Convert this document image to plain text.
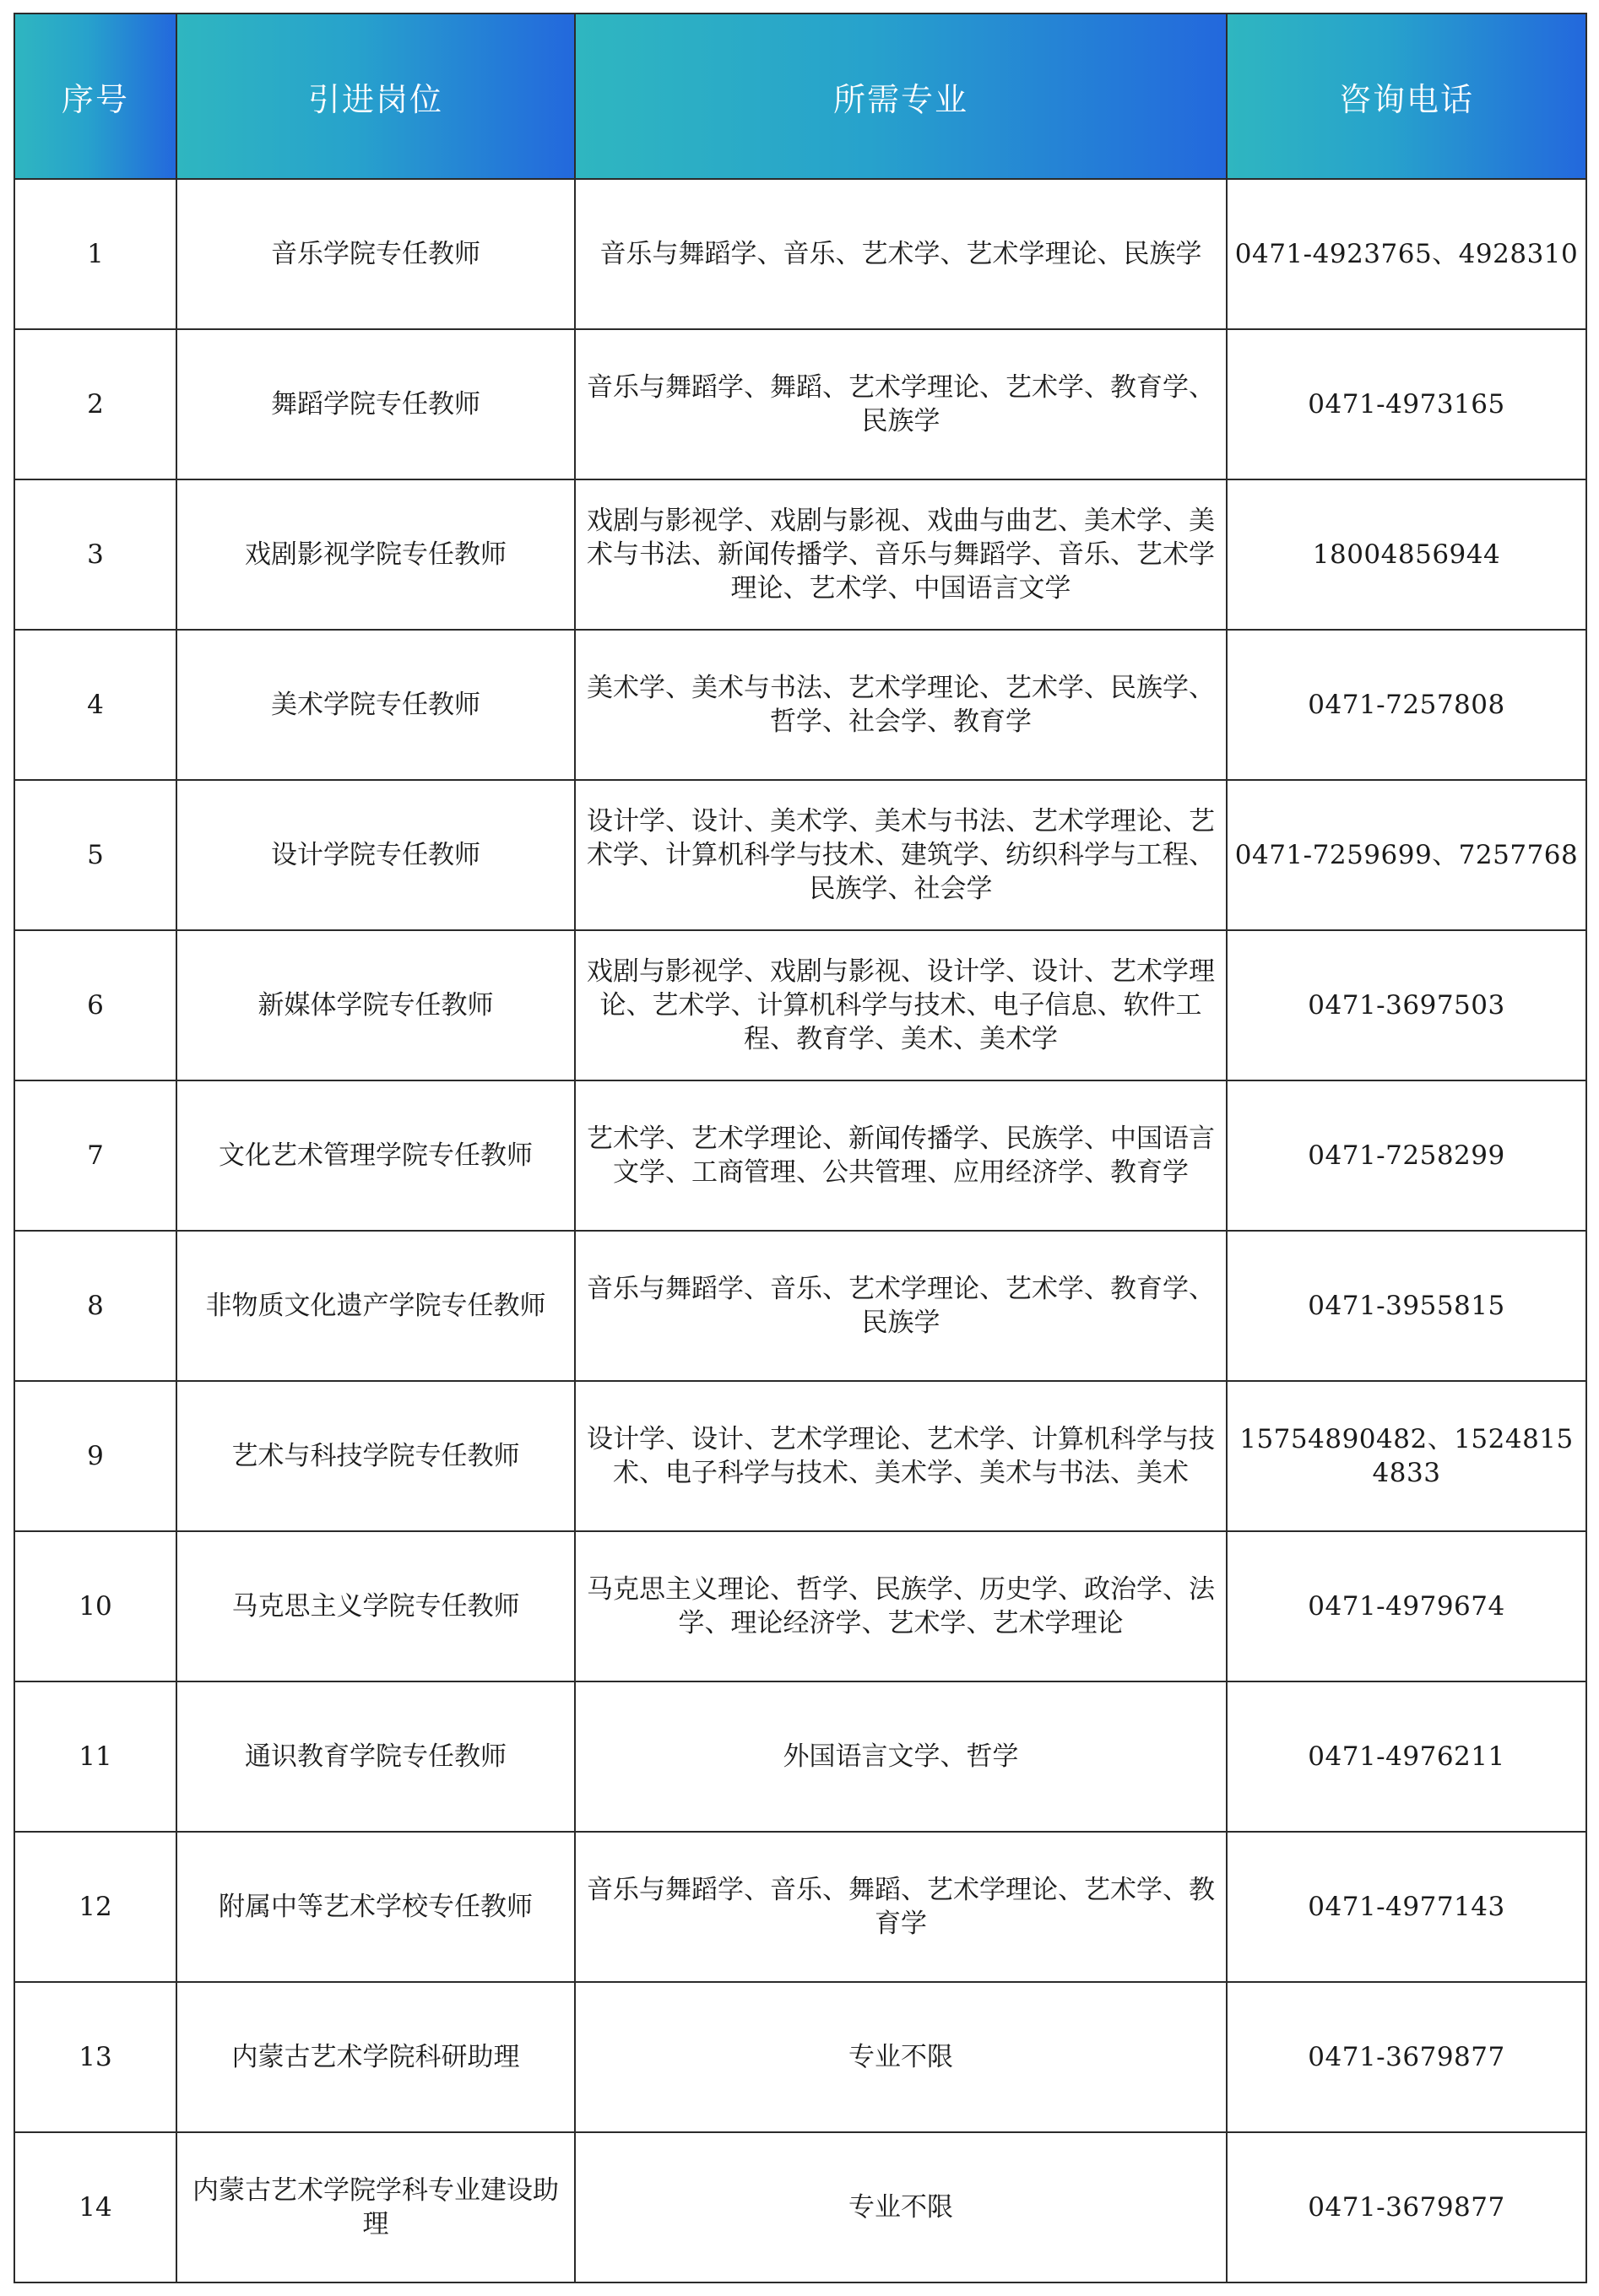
序号	引进岗位	所需专业	咨询电话
1	音乐学院专任教师	音乐与舞蹈学、音乐、艺术学、艺术学理论、民族学	0471-4923765、4928310
2	舞蹈学院专任教师	音乐与舞蹈学、舞蹈、艺术学理论、艺术学、教育学、民族学	0471-4973165
3	戏剧影视学院专任教师	戏剧与影视学、戏剧与影视、戏曲与曲艺、美术学、美术与书法、新闻传播学、音乐与舞蹈学、音乐、艺术学理论、艺术学、中国语言文学	18004856944
4	美术学院专任教师	美术学、美术与书法、艺术学理论、艺术学、民族学、哲学、社会学、教育学	0471-7257808
5	设计学院专任教师	设计学、设计、美术学、美术与书法、艺术学理论、艺术学、计算机科学与技术、建筑学、纺织科学与工程、民族学、社会学	0471-7259699、7257768
6	新媒体学院专任教师	戏剧与影视学、戏剧与影视、设计学、设计、艺术学理论、艺术学、计算机科学与技术、电子信息、软件工程、教育学、美术、美术学	0471-3697503
7	文化艺术管理学院专任教师	艺术学、艺术学理论、新闻传播学、民族学、中国语言文学、工商管理、公共管理、应用经济学、教育学	0471-7258299
8	非物质文化遗产学院专任教师	音乐与舞蹈学、音乐、艺术学理论、艺术学、教育学、民族学	0471-3955815
9	艺术与科技学院专任教师	设计学、设计、艺术学理论、艺术学、计算机科学与技术、电子科学与技术、美术学、美术与书法、美术	15754890482、15248154833
10	马克思主义学院专任教师	马克思主义理论、哲学、民族学、历史学、政治学、法学、理论经济学、艺术学、艺术学理论	0471-4979674
11	通识教育学院专任教师	外国语言文学、哲学	0471-4976211
12	附属中等艺术学校专任教师	音乐与舞蹈学、音乐、舞蹈、艺术学理论、艺术学、教育学	0471-4977143
13	内蒙古艺术学院科研助理	专业不限	0471-3679877
14	内蒙古艺术学院学科专业建设助理	专业不限	0471-3679877
